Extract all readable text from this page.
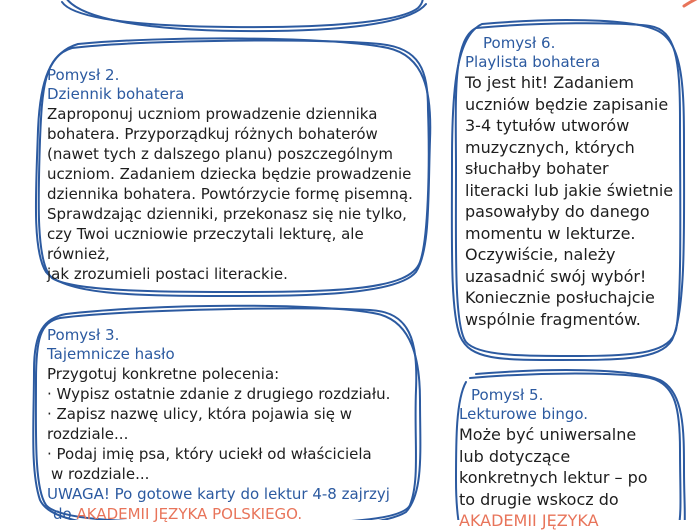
Pomysł 2.
Dziennik bohatera

Zaproponuj uczniom prowadzenie dziennika

bohatera. Przyporządkuj różnych bohaterów

(nawet tych z dalszego planu) poszczególnym

uczniom. Zadaniem dziecka będzie prowadzenie

dziennika bohatera. Powtórzycie formę pisemną.

Sprawdzając dzienniki, przekonasz się nie tylko,

czy Twoi uczniowie przeczytali lekturę, ale również,

jak zrozumieli postaci literackie.

Pomysł 3.
Tajemnicze hasło

Przygotuj konkretne polecenia:

· Wypisz ostatnie zdanie z drugiego rozdziału.

· Zapisz nazwę ulicy, która pojawia się w rozdziale...

· Podaj imię psa, który uciekł od właściciela

w rozdziale...

UWAGA! Po gotowe karty do lektur 4-8 zajrzyj

do AKADEMII JĘZYKA POLSKIEGO.

Pomysł 6.
Playlista bohatera

To jest hit! Zadaniem

uczniów będzie zapisanie

3-4 tytułów utworów

muzycznych, których

słuchałby bohater

literacki lub jakie świetnie

pasowałyby do danego

momentu w lekturze.

Oczywiście, należy

uzasadnić swój wybór!

Koniecznie posłuchajcie

wspólnie fragmentów.

Pomysł 5.
Lekturowe bingo.

Może być uniwersalne

lub dotyczące

konkretnych lektur – po

to drugie wskocz do

AKADEMII JĘZYKA
